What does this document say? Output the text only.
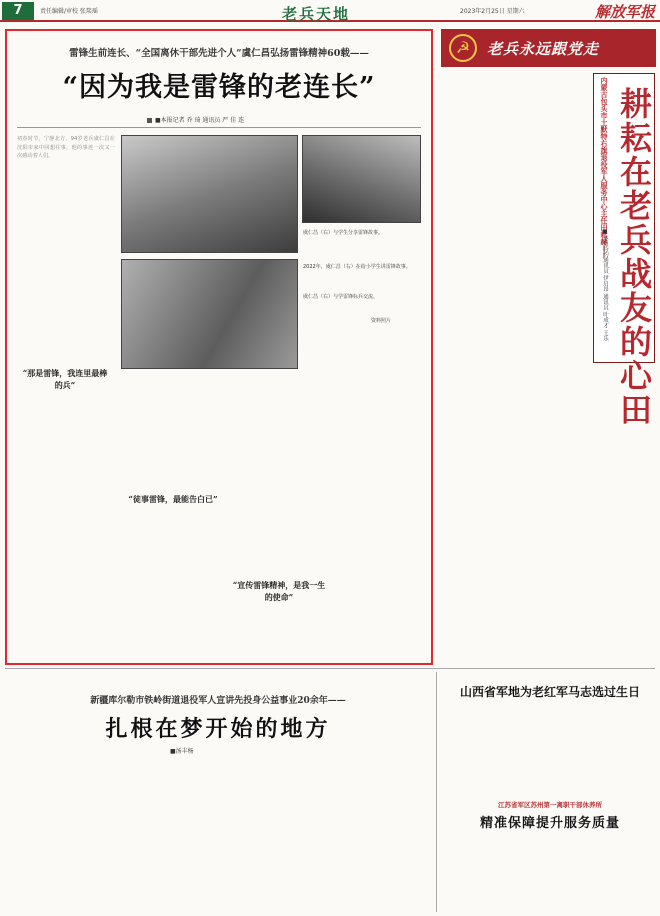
7	责任编辑/审校 张琰瑶	老兵天地	2023年2月25日 星期六	解放军报
雷锋生前连长、“全国离休干部先进个人”虞仁昌弘扬雷锋精神60载——
“因为我是雷锋的老连长”
■本报记者 乔 琦 通讯员 严 佳 连
初春时节，宁静北方，94岁老兵虞仁昌在沈阳市家中回想往事，他的事迹一次又一次感动着人们。
虞仁昌（右）与学生分享雷锋故事。
2022年，虞仁昌（右）在给小学生讲雷锋故事。
虞仁昌（右）与学雷锋标兵交流。
资料照片
“那是雷锋，我连里最棒的兵”
“徒事雷锋，最能告白已”
“宣传雷锋精神，是我一生的使命”
☭	老兵永远跟党走
内蒙古包头市土默特右旗退役军人服务中心主任田耘赫—— 耕耘在老兵战友的心田
■本报特约通讯员 伊启昂 通讯员 叶成才 王乐
新疆库尔勒市铁岭街道退役军人宣讲先投身公益事业20余年——
扎根在梦开始的地方
■汤丰杨
山西省军地为老红军马志选过生日
江苏省军区苏州第一离职干部休养所
精准保障提升服务质量
